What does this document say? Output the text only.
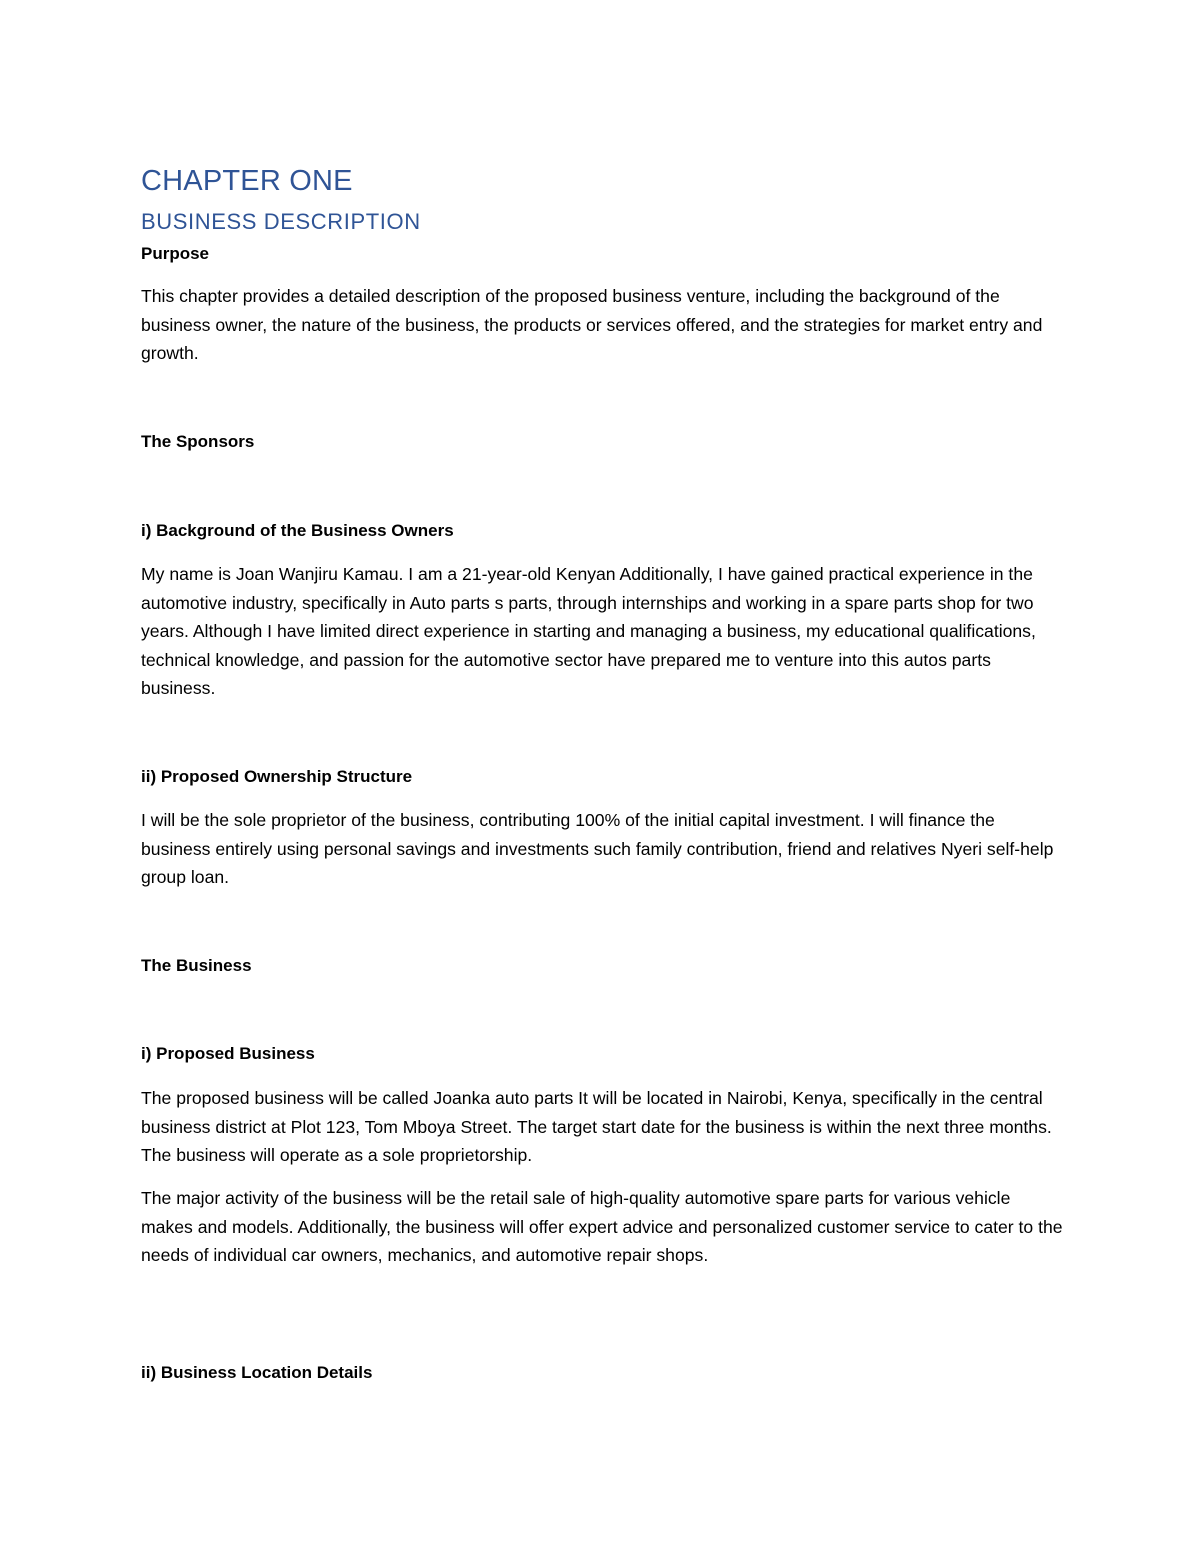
CHAPTER ONE
BUSINESS DESCRIPTION
Purpose

This chapter provides a detailed description of the proposed business venture, including the background of the business owner, the nature of the business, the products or services offered, and the strategies for market entry and growth.

The Sponsors
i) Background of the Business Owners

My name is Joan Wanjiru Kamau. I am a 21-year-old Kenyan Additionally, I have gained practical experience in the automotive industry, specifically in Auto parts s parts, through internships and working in a spare parts shop for two years. Although I have limited direct experience in starting and managing a business, my educational qualifications, technical knowledge, and passion for the automotive sector have prepared me to venture into this autos parts business.

ii) Proposed Ownership Structure

I will be the sole proprietor of the business, contributing 100% of the initial capital investment. I will finance the business entirely using personal savings and investments such family contribution, friend and relatives Nyeri self-help group loan.

The Business
i) Proposed Business

The proposed business will be called Joanka auto parts It will be located in Nairobi, Kenya, specifically in the central business district at Plot 123, Tom Mboya Street. The target start date for the business is within the next three months. The business will operate as a sole proprietorship.

The major activity of the business will be the retail sale of high-quality automotive spare parts for various vehicle makes and models. Additionally, the business will offer expert advice and personalized customer service to cater to the needs of individual car owners, mechanics, and automotive repair shops.

ii) Business Location Details
